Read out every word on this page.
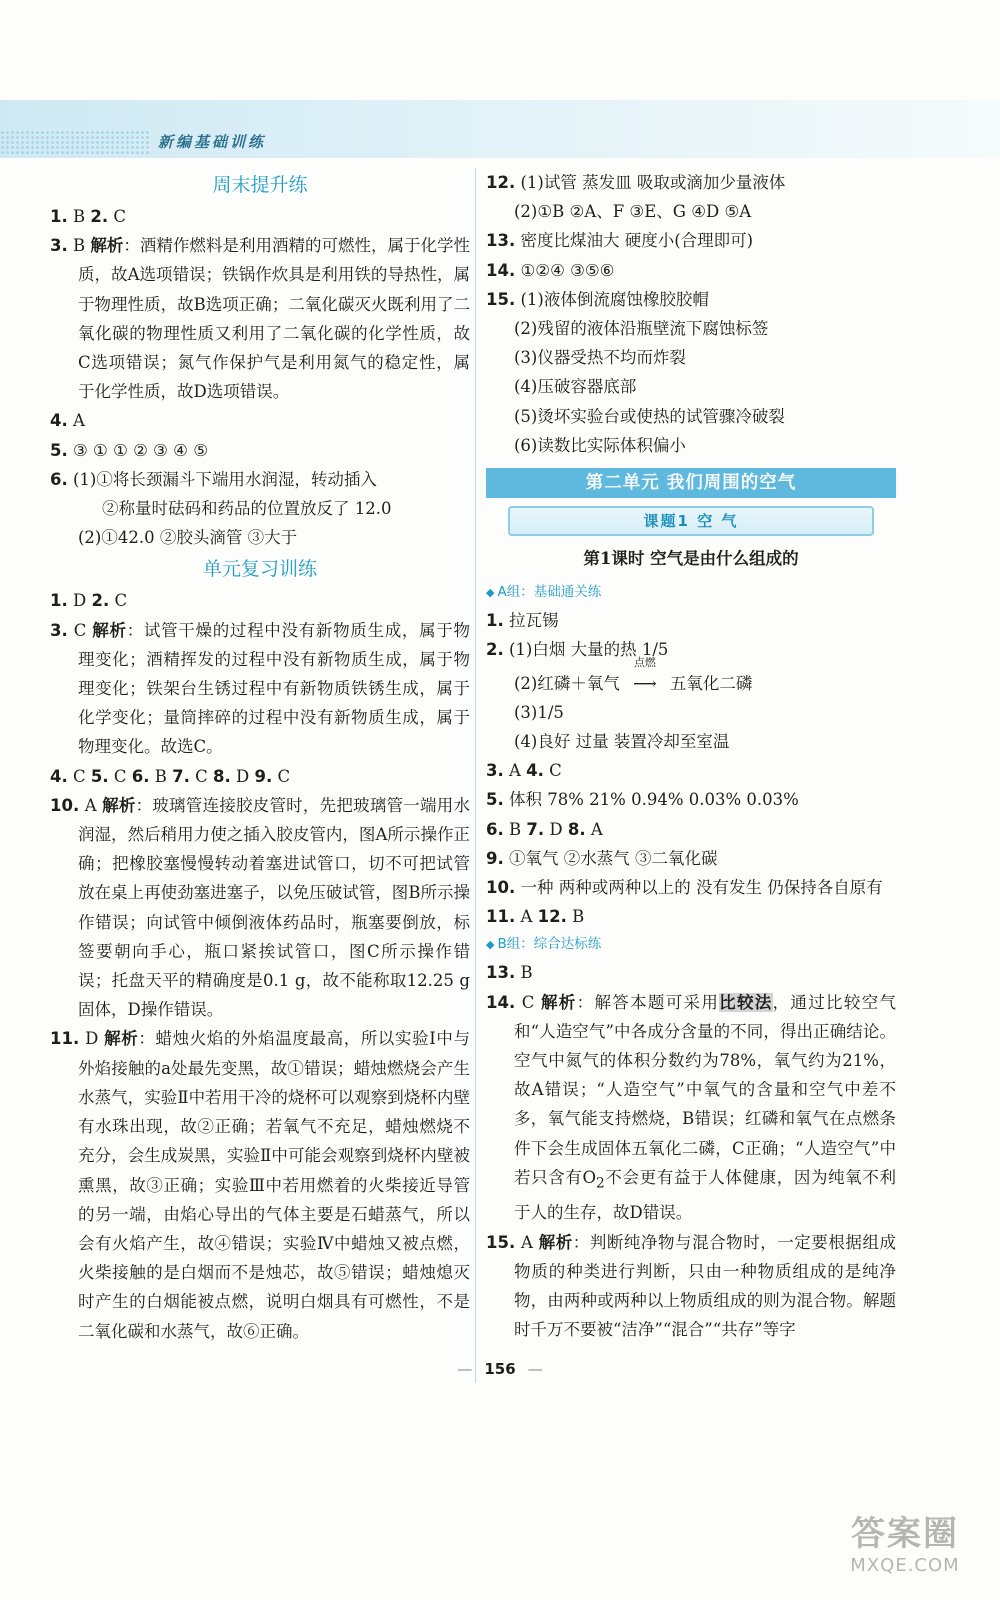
新编基础训练
周末提升练

1. B 2. C

3. B 解析：酒精作燃料是利用酒精的可燃性，属于化学性质，故A选项错误；铁锅作炊具是利用铁的导热性，属于物理性质，故B选项正确；二氧化碳灭火既利用了二氧化碳的物理性质又利用了二氧化碳的化学性质，故C选项错误；氮气作保护气是利用氮气的稳定性，属于化学性质，故D选项错误。

4. A

5. ③ ① ① ② ③ ④ ⑤

6. (1)①将长颈漏斗下端用水润湿，转动插入

②称量时砝码和药品的位置放反了 12.0

(2)①42.0 ②胶头滴管 ③大于

单元复习训练

1. D 2. C

3. C 解析：试管干燥的过程中没有新物质生成，属于物理变化；酒精挥发的过程中没有新物质生成，属于物理变化；铁架台生锈过程中有新物质铁锈生成，属于化学变化；量筒摔碎的过程中没有新物质生成，属于物理变化。故选C。

4. C 5. C 6. B 7. C 8. D 9. C

10. A 解析：玻璃管连接胶皮管时，先把玻璃管一端用水润湿，然后稍用力使之插入胶皮管内，图A所示操作正确；把橡胶塞慢慢转动着塞进试管口，切不可把试管放在桌上再使劲塞进塞子，以免压破试管，图B所示操作错误；向试管中倾倒液体药品时，瓶塞要倒放，标签要朝向手心，瓶口紧挨试管口，图C所示操作错误；托盘天平的精确度是0.1 g，故不能称取12.25 g固体，D操作错误。

11. D 解析：蜡烛火焰的外焰温度最高，所以实验Ⅰ中与外焰接触的a处最先变黑，故①错误；蜡烛燃烧会产生水蒸气，实验Ⅱ中若用干冷的烧杯可以观察到烧杯内壁有水珠出现，故②正确；若氧气不充足，蜡烛燃烧不充分，会生成炭黑，实验Ⅱ中可能会观察到烧杯内壁被熏黑，故③正确；实验Ⅲ中若用燃着的火柴接近导管的另一端，由焰心导出的气体主要是石蜡蒸气，所以会有火焰产生，故④错误；实验Ⅳ中蜡烛又被点燃，火柴接触的是白烟而不是烛芯，故⑤错误；蜡烛熄灭时产生的白烟能被点燃，说明白烟具有可燃性，不是二氧化碳和水蒸气，故⑥正确。

12. (1)试管 蒸发皿 吸取或滴加少量液体

(2)①B ②A、F ③E、G ④D ⑤A

13. 密度比煤油大 硬度小(合理即可)

14. ①②④ ③⑤⑥

15. (1)液体倒流腐蚀橡胶胶帽

(2)残留的液体沿瓶壁流下腐蚀标签

(3)仪器受热不均而炸裂

(4)压破容器底部

(5)烫坏实验台或使热的试管骤冷破裂

(6)读数比实际体积偏小

第二单元 我们周围的空气
课题1 空 气
第1课时 空气是由什么组成的
◆ A组：基础通关练

1. 拉瓦锡

2. (1)白烟 大量的热 1/5

(2)红磷＋氧气
点燃
⟶ 五氧化二磷

(3)1/5

(4)良好 过量 装置冷却至室温

3. A 4. C

5. 体积 78% 21% 0.94% 0.03% 0.03%

6. B 7. D 8. A

9. ①氧气 ②水蒸气 ③二氧化碳

10. 一种 两种或两种以上的 没有发生 仍保持各自原有

11. A 12. B

◆ B组：综合达标练

13. B

14. C 解析：解答本题可采用比较法，通过比较空气和“人造空气”中各成分含量的不同，得出正确结论。空气中氮气的体积分数约为78%，氧气约为21%，故A错误；“人造空气”中氧气的含量和空气中差不多，氧气能支持燃烧，B错误；红磷和氧气在点燃条件下会生成固体五氧化二磷，C正确；“人造空气”中若只含有$O_2$不会更有益于人体健康，因为纯氧不利于人的生存，故D错误。

15. A 解析：判断纯净物与混合物时，一定要根据组成物质的种类进行判断，只由一种物质组成的是纯净物，由两种或两种以上物质组成的则为混合物。解题时千万不要被“洁净”“混合”“共存”等字

— 156 —
答案圈
MXQE.COM
